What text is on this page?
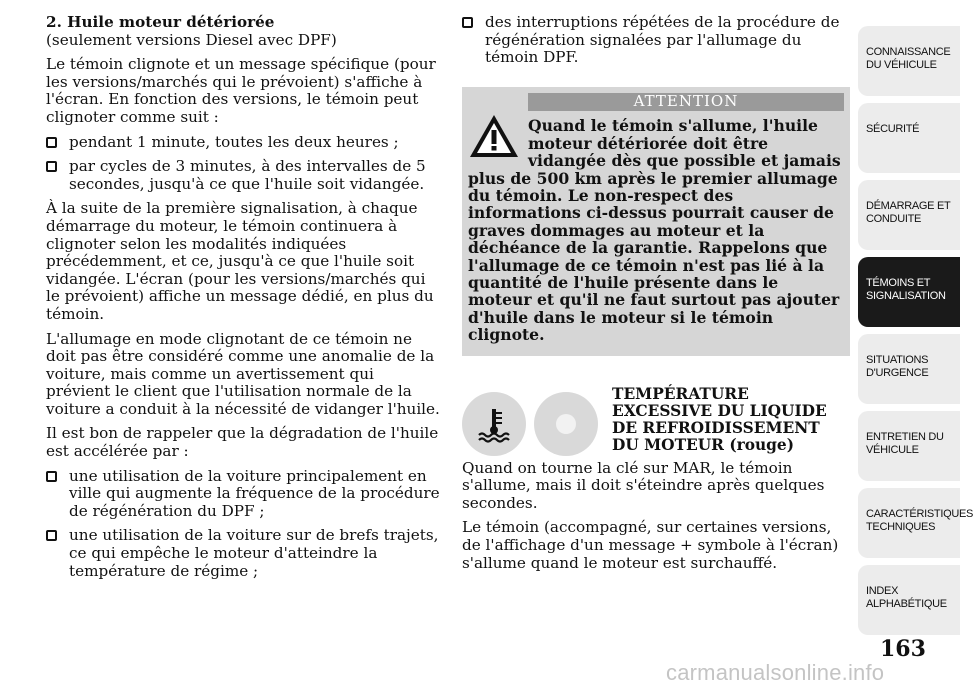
2. Huile moteur détériorée

(seulement versions Diesel avec DPF)

Le témoin clignote et un message spécifique (pour les versions/marchés qui le prévoient) s'affiche à l'écran. En fonction des versions, le témoin peut clignoter comme suit :

pendant 1 minute, toutes les deux heures ;
par cycles de 3 minutes, à des intervalles de 5 secondes, jusqu'à ce que l'huile soit vidangée.

À la suite de la première signalisation, à chaque démarrage du moteur, le témoin continuera à clignoter selon les modalités indiquées précédemment, et ce, jusqu'à ce que l'huile soit vidangée. L'écran (pour les versions/marchés qui le prévoient) affiche un message dédié, en plus du témoin.

L'allumage en mode clignotant de ce témoin ne doit pas être considéré comme une anomalie de la voiture, mais comme un avertissement qui prévient le client que l'utilisation normale de la voiture a conduit à la nécessité de vidanger l'huile.

Il est bon de rappeler que la dégradation de l'huile est accélérée par :

une utilisation de la voiture principalement en ville qui augmente la fréquence de la procédure de régénération du DPF ;
une utilisation de la voiture sur de brefs trajets, ce qui empêche le moteur d'atteindre la température de régime ;
des interruptions répétées de la procédure de régénération signalées par l'allumage du témoin DPF.
ATTENTION
Quand le témoin s'allume, l'huile moteur détériorée doit être vidangée dès que possible et jamais plus de 500 km après le premier allumage du témoin. Le non-respect des informations ci-dessus pourrait causer de graves dommages au moteur et la déchéance de la garantie. Rappelons que l'allumage de ce témoin n'est pas lié à la quantité de l'huile présente dans le moteur et qu'il ne faut surtout pas ajouter d'huile dans le moteur si le témoin clignote.

TEMPÉRATURE EXCESSIVE DU LIQUIDE DE REFROIDISSEMENT DU MOTEUR (rouge)

Quand on tourne la clé sur MAR, le témoin s'allume, mais il doit s'éteindre après quelques secondes.

Le témoin (accompagné, sur certaines versions, de l'affichage d'un message + symbole à l'écran) s'allume quand le moteur est surchauffé.

CONNAISSANCE DU VÉHICULE
SÉCURITÉ
DÉMARRAGE ET CONDUITE
TÉMOINS ET SIGNALISATION
SITUATIONS D'URGENCE
ENTRETIEN DU VÉHICULE
CARACTÉRISTIQUES TECHNIQUES
INDEX ALPHABÉTIQUE
163
carmanualsonline.info
